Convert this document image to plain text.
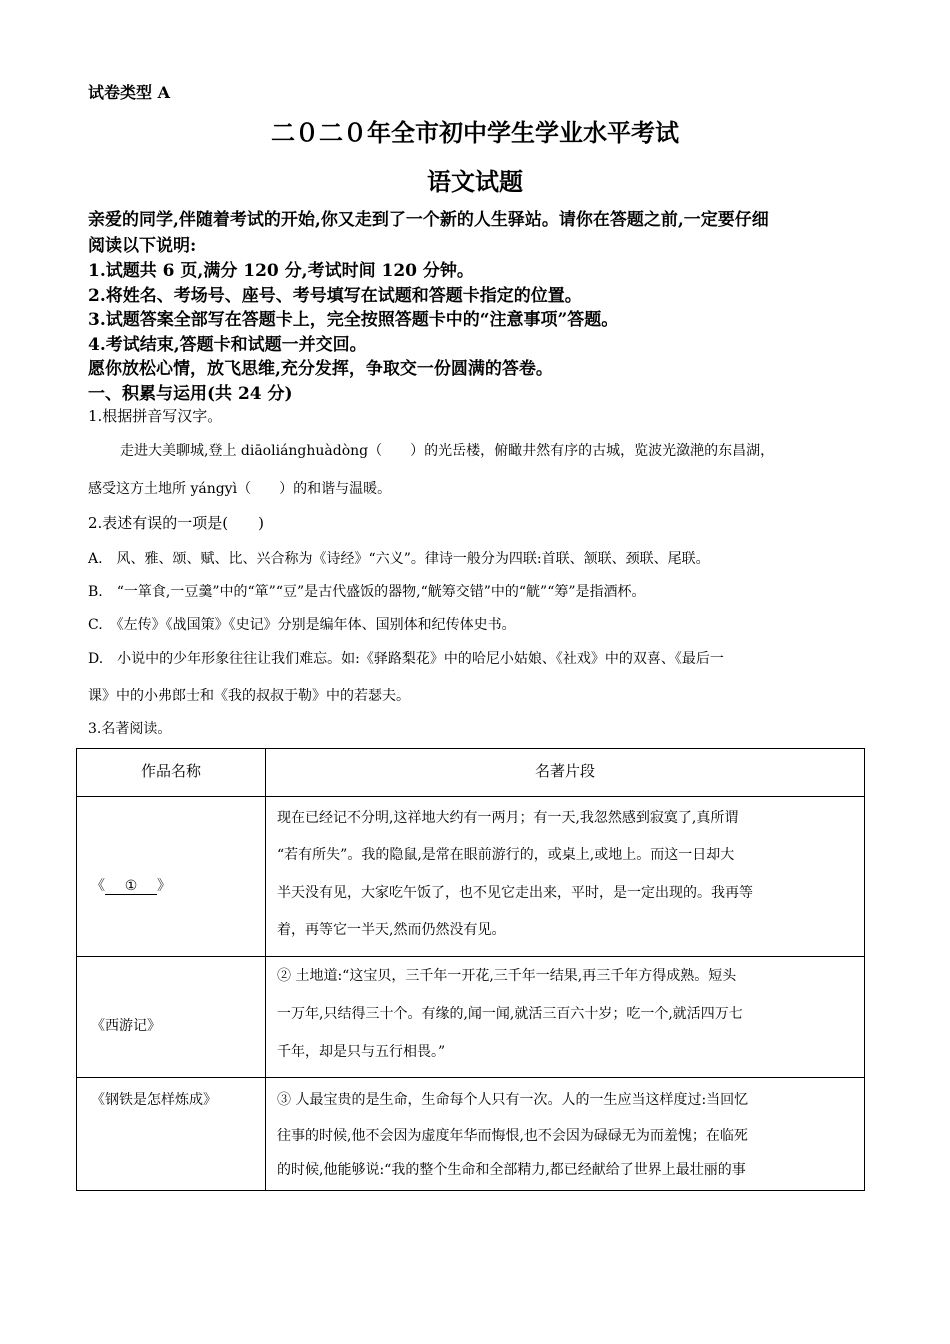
试卷类型 A
二０二０年全市初中学生学业水平考试
语文试题
亲爱的同学,伴随着考试的开始,你又走到了一个新的人生驿站。请你在答题之前,一定要仔细
阅读以下说明:
1.试题共 6 页,满分 120 分,考试时间 120 分钟。
2.将姓名、考场号、座号、考号填写在试题和答题卡指定的位置。
3.试题答案全部写在答题卡上，完全按照答题卡中的“注意事项”答题。
4.考试结束,答题卡和试题一并交回。
愿你放松心情，放飞思维,充分发挥，争取交一份圆满的答卷。
一、积累与运用(共 24 分)
1.根据拼音写汉字。
走进大美聊城,登上 diāoliánghuàdòng（　　）的光岳楼，俯瞰井然有序的古城，览波光潋滟的东昌湖，
感受这方土地所 yángyì（　　）的和谐与温暖。
2.表述有误的一项是(　　)
A.　风、雅、颂、赋、比、兴合称为《诗经》“六义”。律诗一般分为四联:首联、颔联、颈联、尾联。
B.　“一箪食,一豆羹”中的“箪”“豆”是古代盛饭的器物,“觥筹交错”中的“觥”“筹”是指酒杯。
C.　《左传》《战国策》《史记》分别是编年体、国别体和纪传体史书。
D.　小说中的少年形象往往让我们难忘。如:《驿路梨花》中的哈尼小姑娘、《社戏》中的双喜、《最后一
课》中的小弗郎士和《我的叔叔于勒》中的若瑟夫。
3.名著阅读。
作品名称	名著片段
《 ① 》
现在已经记不分明,这祥地大约有一两月；有一天,我忽然感到寂寞了,真所谓
“若有所失”。我的隐鼠,是常在眼前游行的，或桌上,或地上。而这一日却大
半天没有见，大家吃午饭了，也不见它走出来，平时，是一定出现的。我再等
着，再等它一半天,然而仍然没有见。
《西游记》
② 土地道:“这宝贝，三千年一开花,三千年一结果,再三千年方得成熟。短头
一万年,只结得三十个。有缘的,闻一闻,就活三百六十岁；吃一个,就活四万七
千年，却是只与五行相畏。”
《钢铁是怎样炼成》	③ 人最宝贵的是生命，生命每个人只有一次。人的一生应当这样度过:当回忆
往事的时候,他不会因为虚度年华而悔恨,也不会因为碌碌无为而羞愧；在临死
的时候,他能够说:“我的整个生命和全部精力,都已经献给了世界上最壮丽的事
